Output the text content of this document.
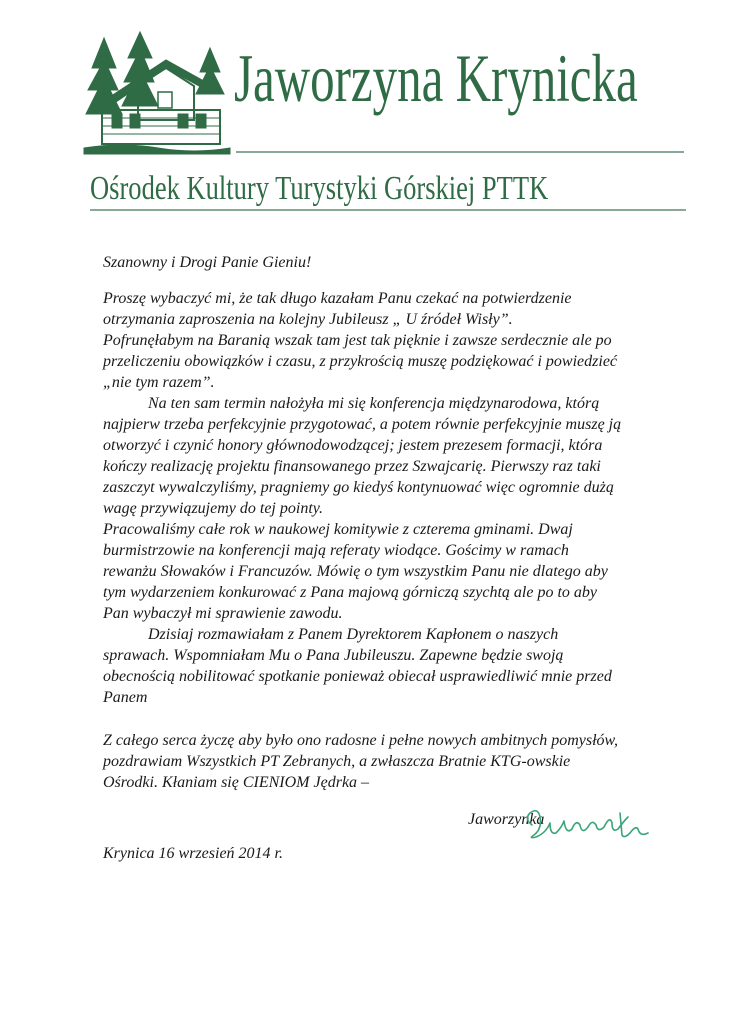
Jaworzyna Krynicka
Ośrodek Kultury Turystyki Górskiej PTTK
Szanowny i Drogi Panie Gieniu!
Proszę wybaczyć mi, że tak długo kazałam Panu czekać na potwierdzenie
otrzymania zaproszenia na kolejny Jubileusz „ U źródeł Wisły”.
Pofrunęłabym na Baranią wszak tam jest tak pięknie i zawsze serdecznie ale po
przeliczeniu obowiązków i czasu, z przykrością muszę podziękować i powiedzieć
„nie tym razem”.
Na ten sam termin nałożyła mi się konferencja międzynarodowa, którą
najpierw trzeba perfekcyjnie przygotować, a potem równie perfekcyjnie muszę ją
otworzyć i czynić honory głównodowodzącej; jestem prezesem formacji, która
kończy realizację projektu finansowanego przez Szwajcarię. Pierwszy raz taki
zaszczyt wywalczyliśmy, pragniemy go kiedyś kontynuować więc ogromnie dużą
wagę przywiązujemy do tej pointy.
Pracowaliśmy całe rok w naukowej komitywie z czterema gminami. Dwaj
burmistrzowie na konferencji mają referaty wiodące. Gościmy w ramach
rewanżu Słowaków i Francuzów. Mówię o tym wszystkim Panu nie dlatego aby
tym wydarzeniem konkurować z Pana majową górniczą szychtą ale po to aby
Pan wybaczył mi sprawienie zawodu.
Dzisiaj rozmawiałam z Panem Dyrektorem Kapłonem o naszych
sprawach. Wspomniałam Mu o Pana Jubileuszu. Zapewne będzie swoją
obecnością nobilitować spotkanie ponieważ obiecał usprawiedliwić mnie przed
Panem
Z całego serca życzę aby było ono radosne i pełne nowych ambitnych pomysłów,
pozdrawiam Wszystkich PT Zebranych, a zwłaszcza Bratnie KTG-owskie
Ośrodki. Kłaniam się CIENIOM Jędrka –
Jaworzynka
Krynica 16 wrzesień 2014 r.
